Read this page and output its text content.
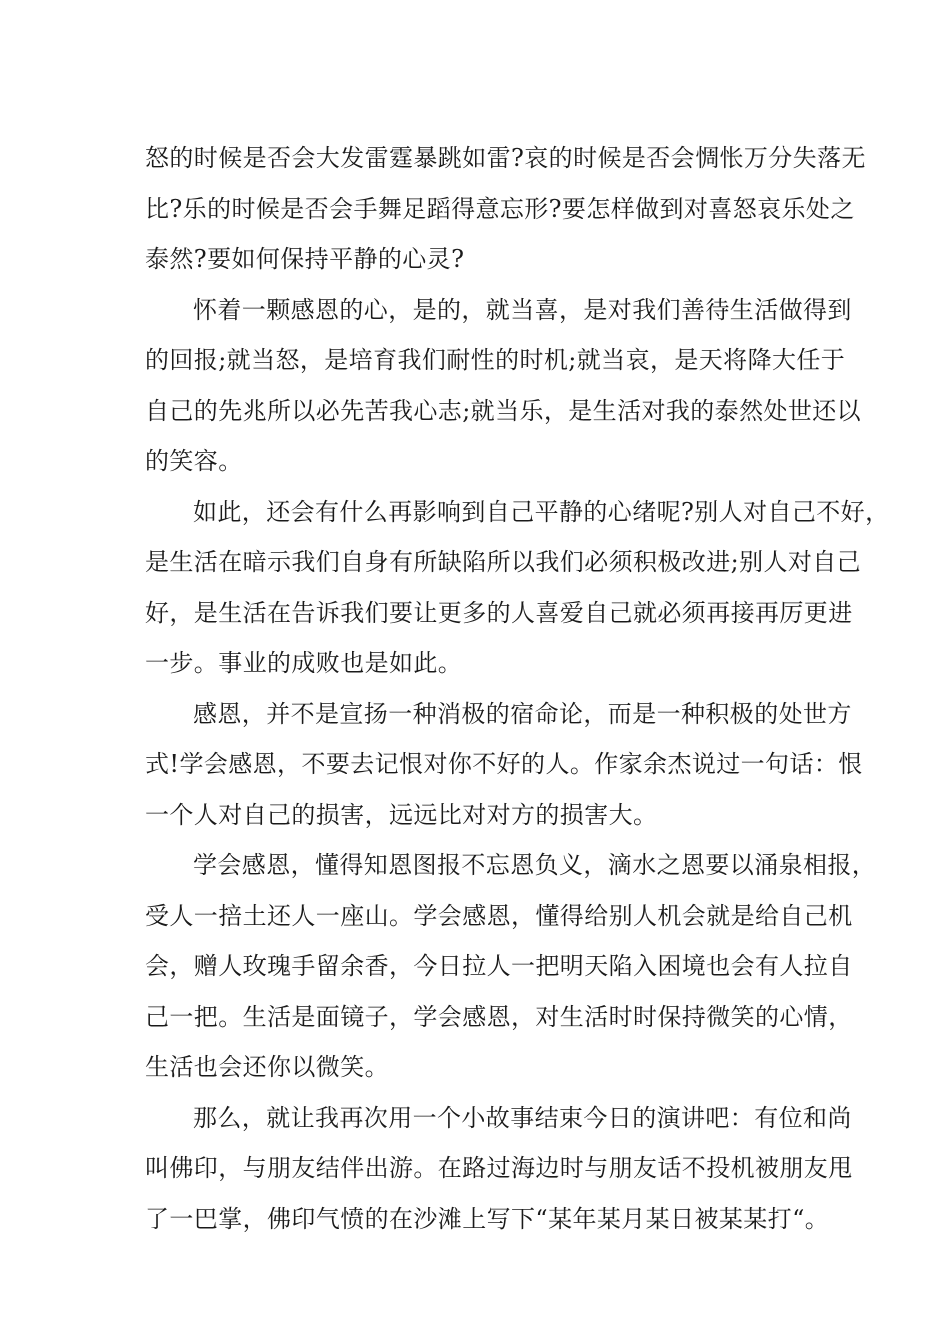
怒的时候是否会大发雷霆暴跳如雷?哀的时候是否会惆怅万分失落无
比?乐的时候是否会手舞足蹈得意忘形?要怎样做到对喜怒哀乐处之
泰然?要如何保持平静的心灵?
怀着一颗感恩的心，是的，就当喜，是对我们善待生活做得到
的回报;就当怒，是培育我们耐性的时机;就当哀，是天将降大任于
自己的先兆所以必先苦我心志;就当乐，是生活对我的泰然处世还以
的笑容。
如此，还会有什么再影响到自己平静的心绪呢?别人对自己不好，
是生活在暗示我们自身有所缺陷所以我们必须积极改进;别人对自己
好，是生活在告诉我们要让更多的人喜爱自己就必须再接再厉更进
一步。事业的成败也是如此。
感恩，并不是宣扬一种消极的宿命论，而是一种积极的处世方
式!学会感恩，不要去记恨对你不好的人。作家余杰说过一句话：恨
一个人对自己的损害，远远比对对方的损害大。
学会感恩，懂得知恩图报不忘恩负义，滴水之恩要以涌泉相报，
受人一掊土还人一座山。学会感恩，懂得给别人机会就是给自己机
会，赠人玫瑰手留余香，今日拉人一把明天陷入困境也会有人拉自
己一把。生活是面镜子，学会感恩，对生活时时保持微笑的心情，
生活也会还你以微笑。
那么，就让我再次用一个小故事结束今日的演讲吧：有位和尚
叫佛印，与朋友结伴出游。在路过海边时与朋友话不投机被朋友甩
了一巴掌，佛印气愤的在沙滩上写下“某年某月某日被某某打“。
